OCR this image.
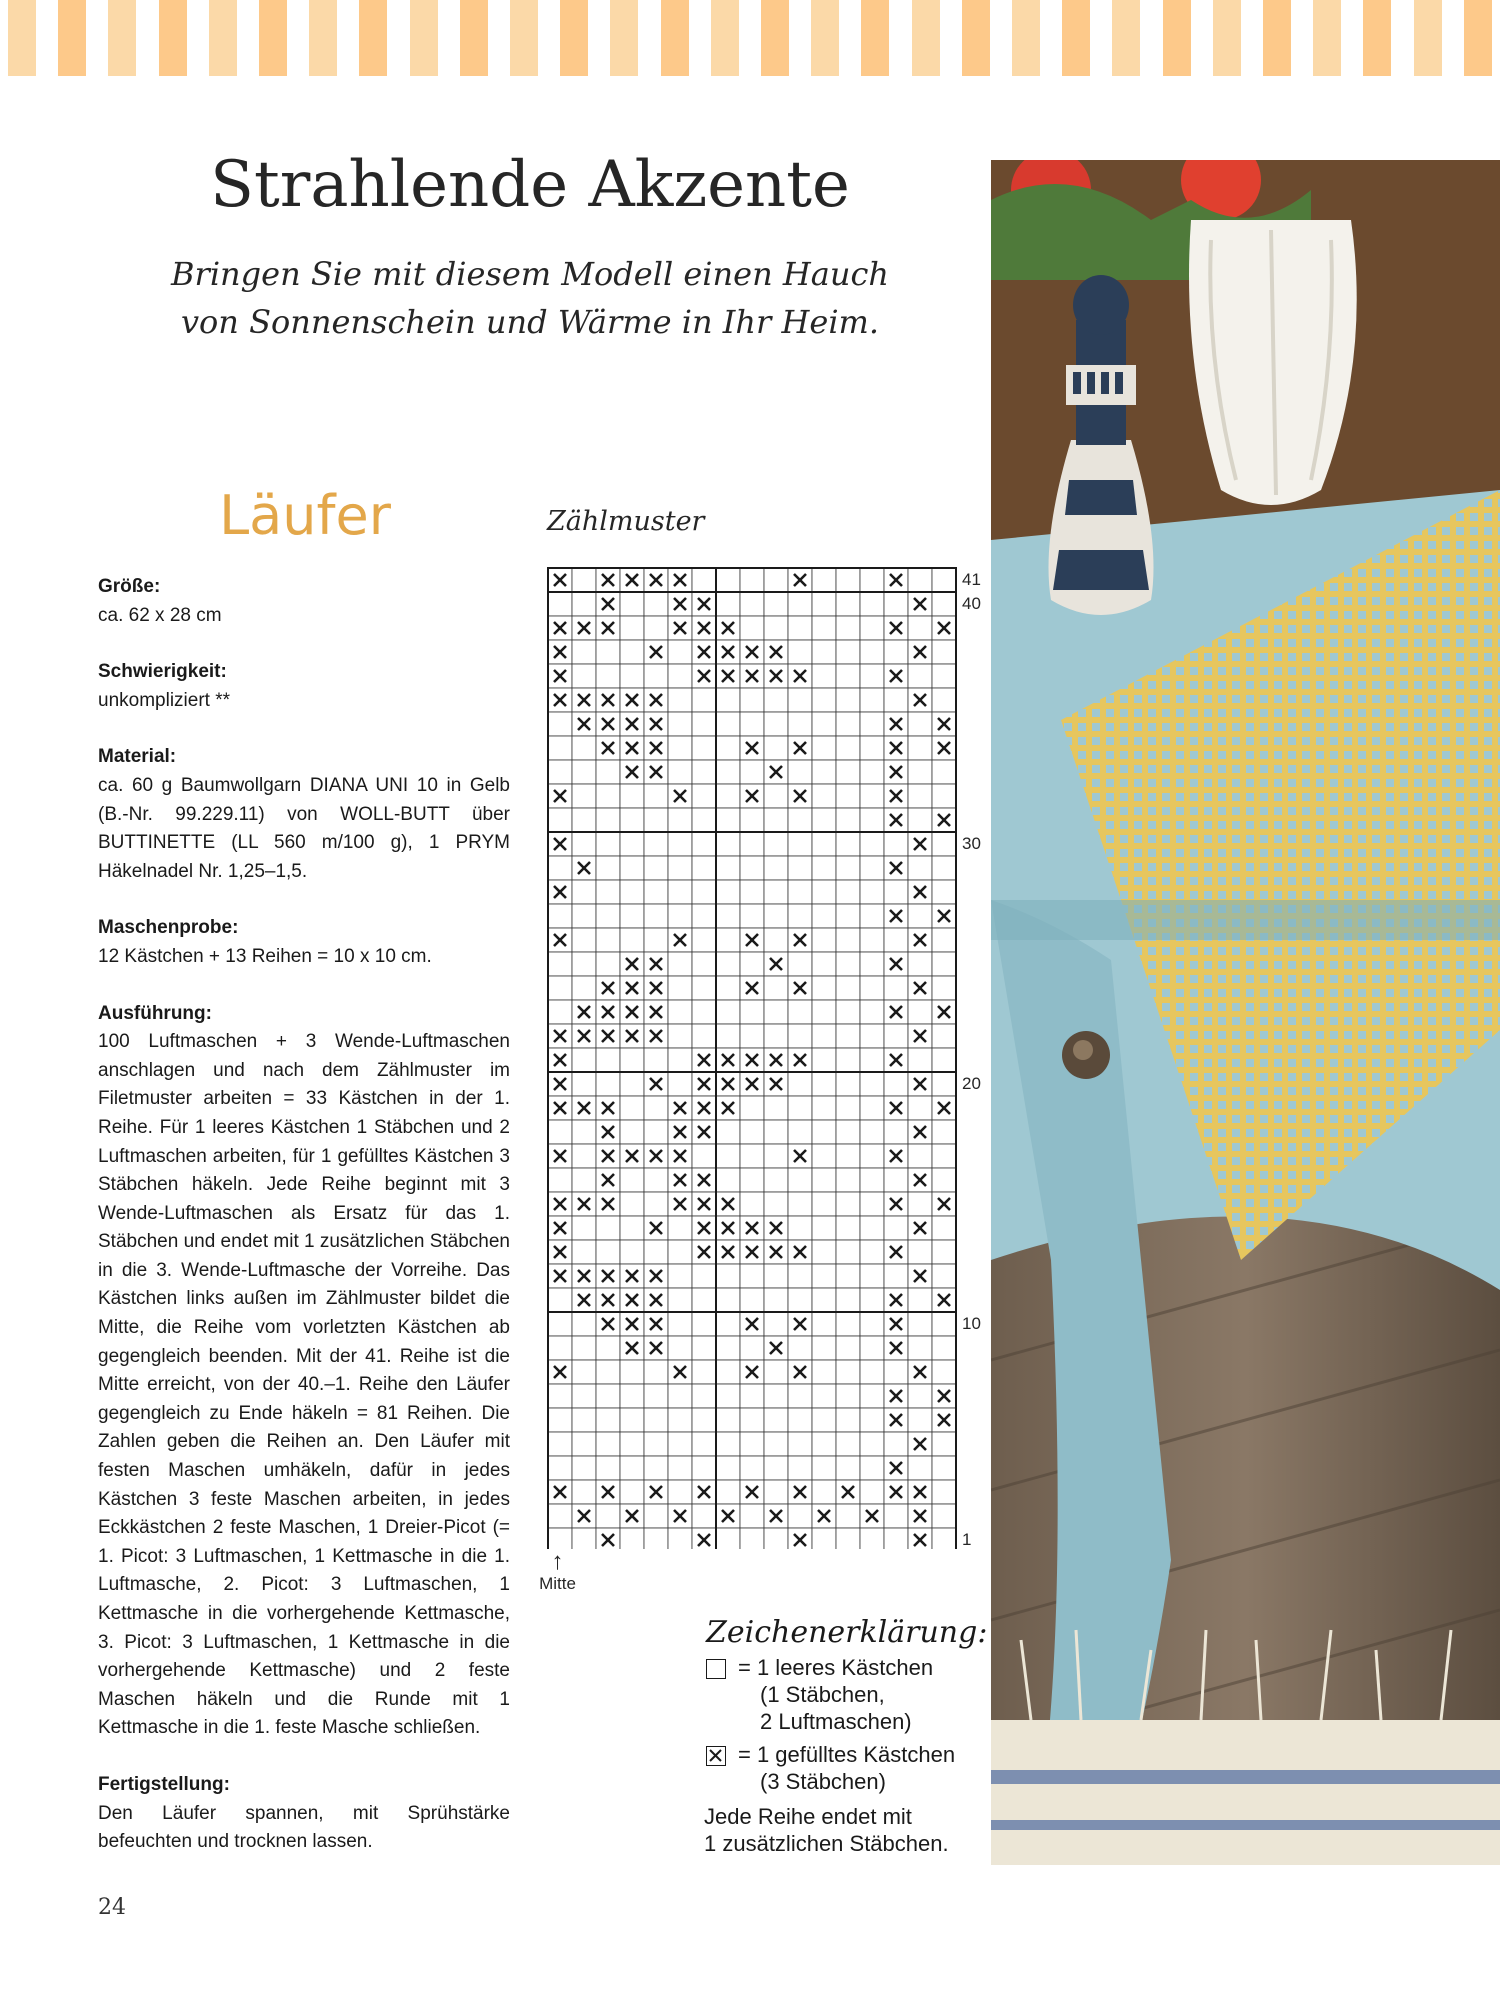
Strahlende Akzente

Bringen Sie mit diesem Modell einen Hauch
von Sonnenschein und Wärme in Ihr Heim.

Läufer
Größe:
ca. 62 x 28 cm
Schwierigkeit:
unkompliziert **
Material:
ca. 60 g Baumwollgarn DIANA UNI 10 in Gelb (B.-Nr. 99.229.11) von WOLL-BUTT über BUTTINETTE (LL 560 m/100 g), 1 PRYM Häkelnadel Nr. 1,25–1,5.
Maschenprobe:
12 Kästchen + 13 Reihen = 10 x 10 cm.
Ausführung:
100 Luftmaschen + 3 Wende-Luftmaschen anschlagen und nach dem Zählmuster im Filetmuster arbeiten = 33 Kästchen in der 1. Reihe. Für 1 leeres Kästchen 1 Stäbchen und 2 Luftmaschen arbeiten, für 1 gefülltes Kästchen 3 Stäbchen häkeln. Jede Reihe beginnt mit 3 Wende-Luftmaschen als Ersatz für das 1. Stäbchen und endet mit 1 zusätzlichen Stäbchen in die 3. Wende-Luftmasche der Vorreihe. Das Kästchen links außen im Zählmuster bildet die Mitte, die Reihe vom vorletzten Kästchen ab gegengleich beenden. Mit der 41. Reihe ist die Mitte erreicht, von der 40.–1. Reihe den Läufer gegengleich zu Ende häkeln = 81 Reihen. Die Zahlen geben die Reihen an. Den Läufer mit festen Maschen umhäkeln, dafür in jedes Kästchen 3 feste Maschen arbeiten, in jedes Eckkästchen 2 feste Maschen, 1 Dreier-Picot (= 1. Picot: 3 Luftmaschen, 1 Kettmasche in die 1. Luftmasche, 2. Picot: 3 Luftmaschen, 1 Kettmasche in die vorhergehende Kettmasche, 3. Picot: 3 Luftmaschen, 1 Kettmasche in die vorhergehende Kettmasche) und 2 feste Maschen häkeln und die Runde mit 1 Kettmasche in die 1. feste Masche schließen.
Fertigstellung:
Den Läufer spannen, mit Sprühstärke befeuchten und trocknen lassen.
24
Zählmuster
41
40
30
20
10
1
↑
Mitte
Zeichenerklärung:
= 1 leeres Kästchen
(1 Stäbchen,
2 Luftmaschen)
= 1 gefülltes Kästchen
(3 Stäbchen)
Jede Reihe endet mit
1 zusätzlichen Stäbchen.
